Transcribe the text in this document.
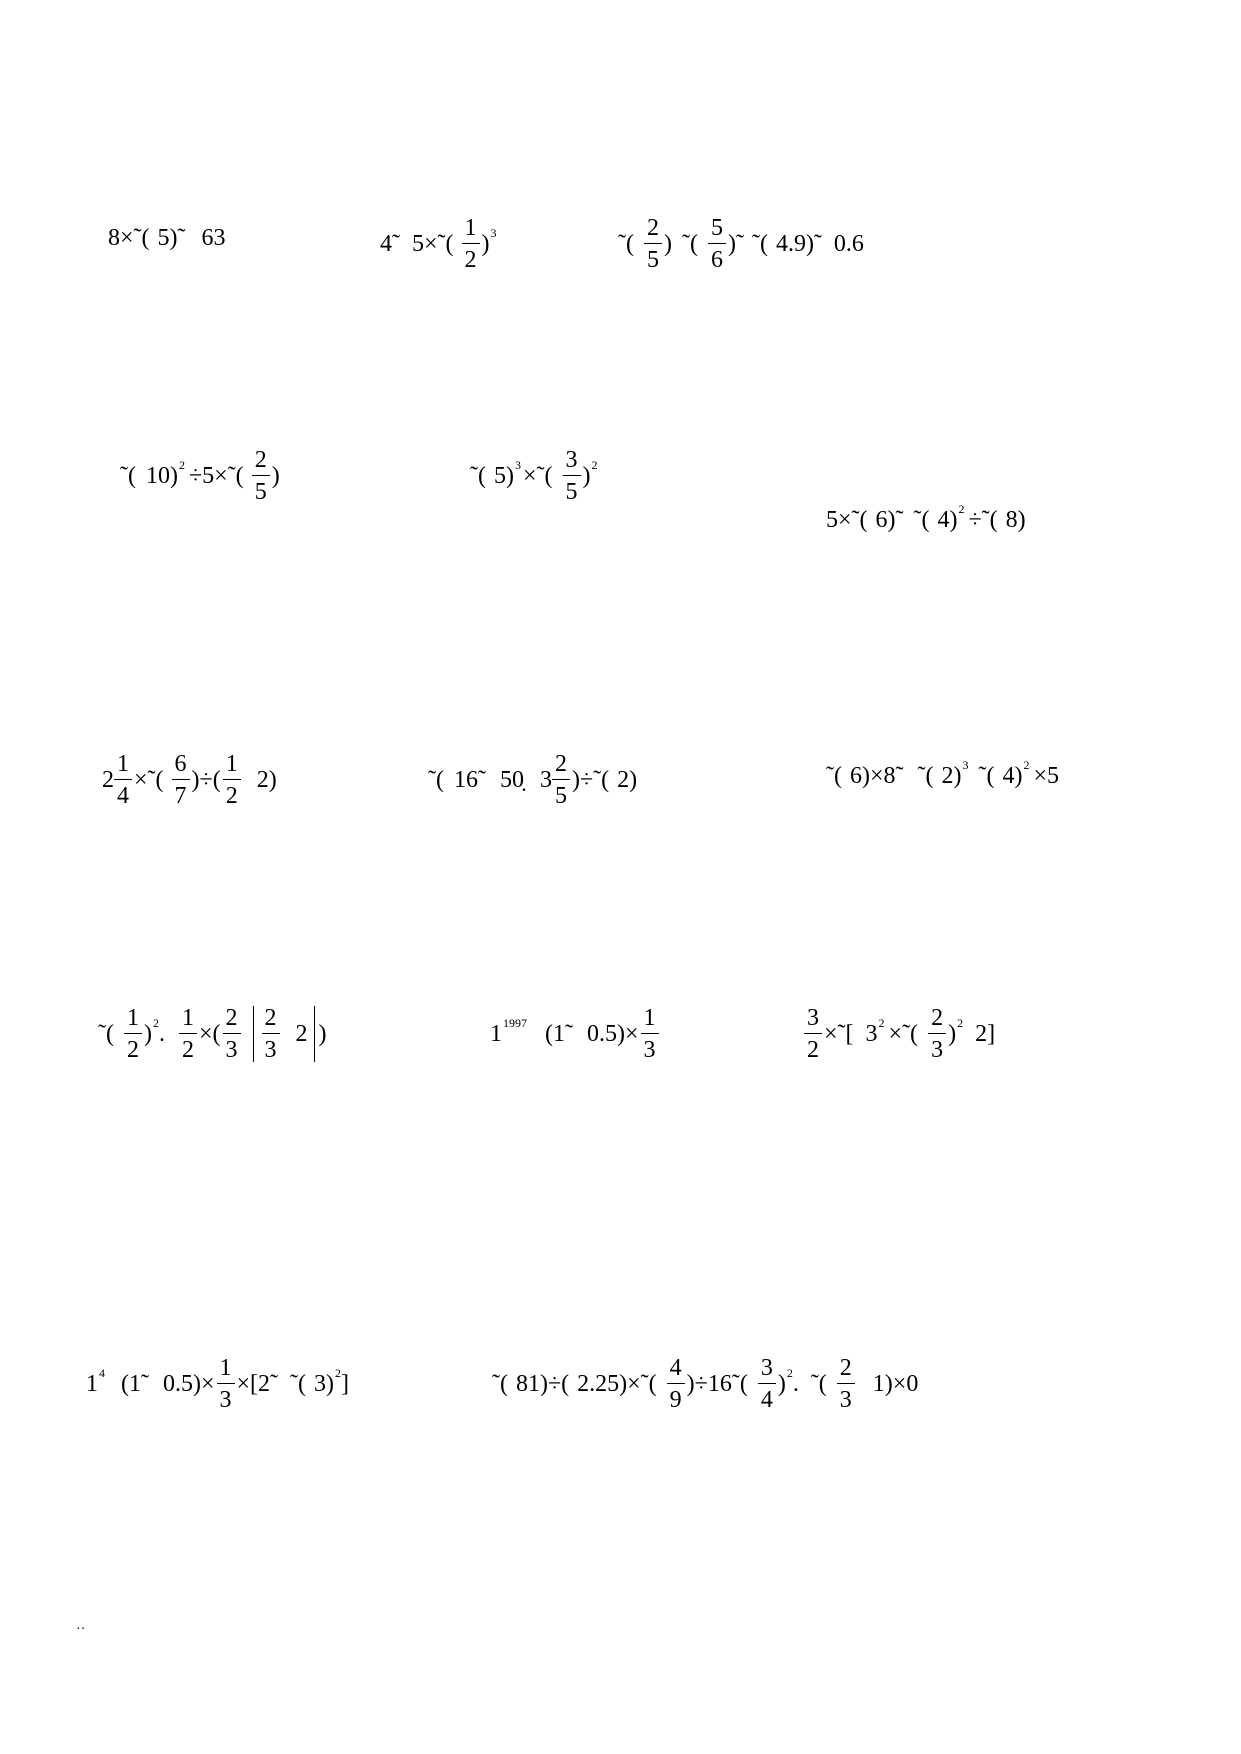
8×˜( 5)˜ 63	4˜ 5×˜( $\frac{1}{2} )^3$	˜( $\frac{2}{5}$ ) ˜( $\frac{5}{6}$ )˜ ˜( 4.9)˜ 0.6
˜( 10)$^2$ ÷5×˜( $\frac{2}{5}$ )	˜( 5)$^3$ ×˜( $\frac{3}{5} )^2$
5×˜( 6)˜ ˜( 4)$^2$ ÷˜( 8)
$2 \frac{1}{4}$ ×˜( $\frac{6}{7}$ )÷( $\frac{1}{2} 2$)	˜( 16˜ 50̣ $3 \frac{2}{5}$ )÷˜( 2)	˜( 6)×8˜ ˜( 2)$^3$ ˜( 4)$^2$ ×5
˜( $\frac{1}{2} )^2$ . $\frac{1}{2}$ ×( $\frac{2}{3} \frac{2}{3} 2$ )	$1^{1997}$ (1˜ $0.5)\times \frac{1}{3}$	$\frac{3}{2}$ ×˜[ $3^2$ ×˜( $\frac{2}{3} )^2$ 2]
$1^4$ (1˜ $0.5)\times \frac{1}{3}$ ×[2˜ ˜( 3)$^2$ ]	˜( 81)÷( 2.25)×˜( $\frac{4}{9}$ )÷16˜( $\frac{3}{4} )^2$ . ˜( $\frac{2}{3} 1)\times 0$
··
